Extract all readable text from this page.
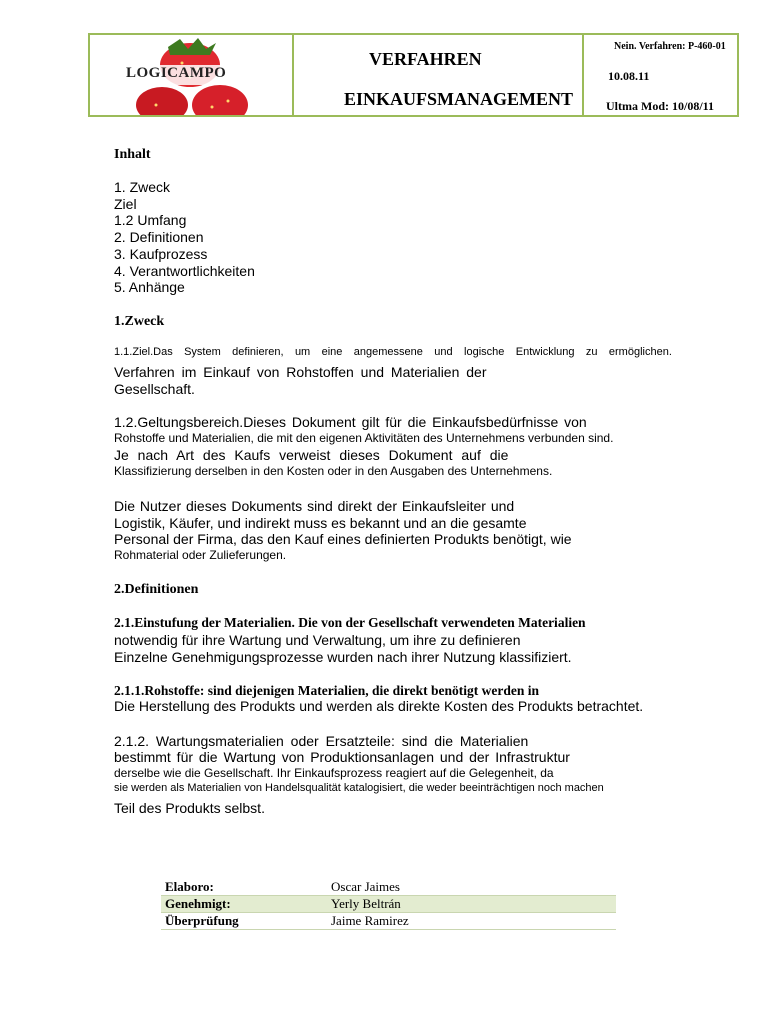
LOGICAMPO
VERFAHREN
EINKAUFSMANAGEMENT
Nein. Verfahren: P-460-01
10.08.11
Ultma Mod: 10/08/11
Inhalt
1. Zweck
Ziel
1.2 Umfang
2. Definitionen
3. Kaufprozess
4. Verantwortlichkeiten
5. Anhänge
1.Zweck
1.1.Ziel.Das System definieren, um eine angemessene und logische Entwicklung zu ermöglichen.
Verfahren im Einkauf von Rohstoffen und Materialien der
Gesellschaft.
1.2.Geltungsbereich.Dieses Dokument gilt für die Einkaufsbedürfnisse von
Rohstoffe und Materialien, die mit den eigenen Aktivitäten des Unternehmens verbunden sind.
Je nach Art des Kaufs verweist dieses Dokument auf die
Klassifizierung derselben in den Kosten oder in den Ausgaben des Unternehmens.
Die Nutzer dieses Dokuments sind direkt der Einkaufsleiter und
Logistik, Käufer, und indirekt muss es bekannt und an die gesamte
Personal der Firma, das den Kauf eines definierten Produkts benötigt, wie
Rohmaterial oder Zulieferungen.
2.Definitionen
2.1.Einstufung der Materialien. Die von der Gesellschaft verwendeten Materialien
notwendig für ihre Wartung und Verwaltung, um ihre zu definieren
Einzelne Genehmigungsprozesse wurden nach ihrer Nutzung klassifiziert.
2.1.1.Rohstoffe: sind diejenigen Materialien, die direkt benötigt werden in
Die Herstellung des Produkts und werden als direkte Kosten des Produkts betrachtet.
2.1.2. Wartungsmaterialien oder Ersatzteile: sind die Materialien
bestimmt für die Wartung von Produktionsanlagen und der Infrastruktur
derselbe wie die Gesellschaft. Ihr Einkaufsprozess reagiert auf die Gelegenheit, da
sie werden als Materialien von Handelsqualität katalogisiert, die weder beeinträchtigen noch machen
Teil des Produkts selbst.
Elaboro:	Oscar Jaimes
Genehmigt:	Yerly Beltrán
Überprüfung	Jaime Ramirez
